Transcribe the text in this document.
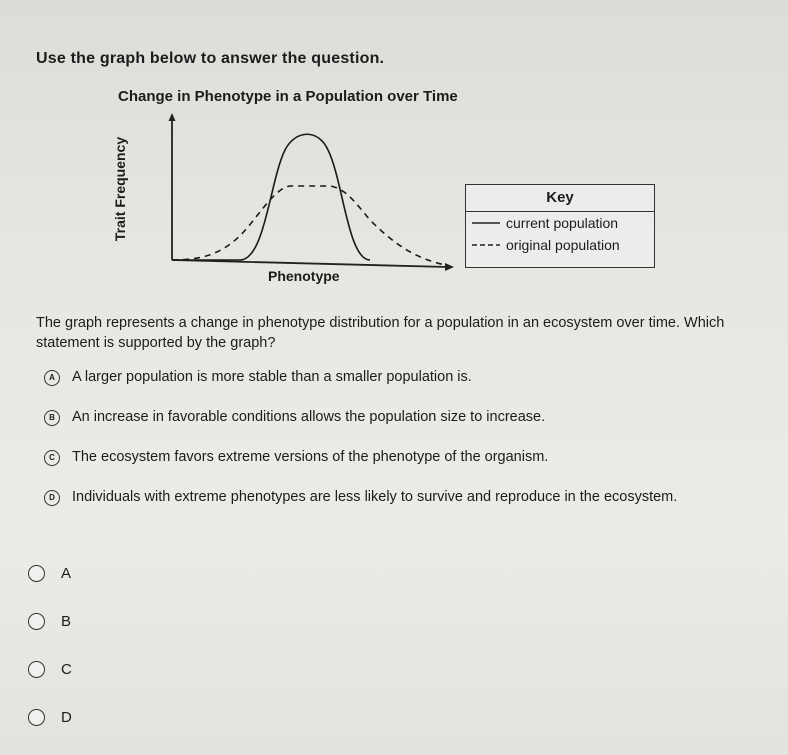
Use the graph below to answer the question.
Change in Phenotype in a Population over Time
Trait Frequency
Phenotype
Key
current population
original population
The graph represents a change in phenotype distribution for a population in an ecosystem over time. Which statement is supported by the graph?
A	A larger population is more stable than a smaller population is.
B	An increase in favorable conditions allows the population size to increase.
C	The ecosystem favors extreme versions of the phenotype of the organism.
D	Individuals with extreme phenotypes are less likely to survive and reproduce in the ecosystem.
A
B
C
D
